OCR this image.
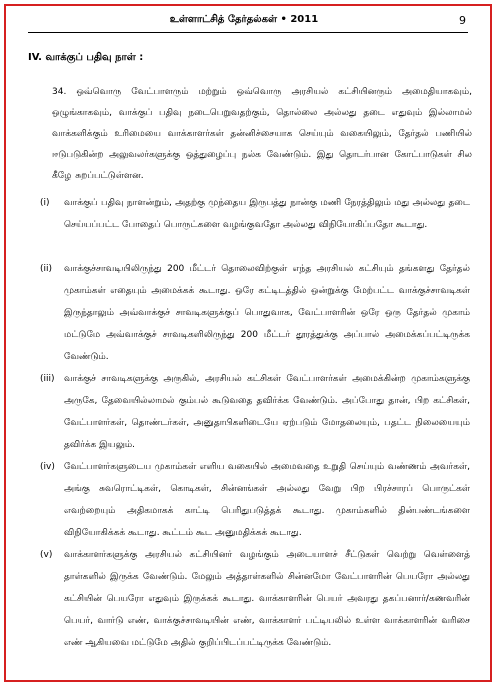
உள்ளாட்சித் தேர்தல்கள் • 2011	9
IV. வாக்குப் பதிவு நாள் :
34. ஒவ்வொரு வேட்பாளரும் மற்றும் ஒவ்வொரு அரசியல் கட்சியினரும் அமைதியாகவும், ஒழுங்காகவும், வாக்குப் பதிவு நடைபெறுவதற்கும், தொல்லை அல்லது தடை எதுவும் இல்லாமல் வாக்களிக்கும் உரிமையை வாக்காளர்கள் தன்னிச்சையாக செய்யும் வகையிலும், தேர்தல் பணியில் ஈடுபடுகின்ற அலுவலர்களுக்கு ஒத்துழைப்பு நல்க வேண்டும். இது தொடர்பான கோட்பாடுகள் சில கீழே சுறப்பட்டுள்ளன.
(i)	வாக்குப் பதிவு நாளன்றும், அதற்கு முந்தைய இருபத்து நான்கு மணி நேரத்திலும் மது அல்லது தடை செய்யப்பட்ட போதைப் பொருட்களை வழங்குவதோ அல்லது விநியோகிப்பதோ கூடாது.
(ii)	வாக்குச்சாவடியிலிருந்து 200 மீட்டர் தொலைவிற்குள் எந்த அரசியல் கட்சியும் தங்களது தேர்தல் முகாம்கள் எதையும் அமைக்கக் கூடாது. ஒரே கட்டிடத்தில் ஒன்றுக்கு மேற்பட்ட வாக்குச்சாவடிகள் இருந்தாலும் அவ்வாக்குச் சாவடிகளுக்குப் பொதுவாக, வேட்பாளரின் ஒரே ஒரு தேர்தல் முகாம் மட்டுமே அவ்வாக்குச் சாவடிகளிலிருந்து 200 மீட்டர் தூரத்துக்கு அப்பால் அமைக்கப்பட்டிருக்க வேண்டும்.
(iii)	வாக்குச் சாவடிகளுக்கு அருகில், அரசியல் கட்சிகள் வேட்பாளர்கள் அமைக்கின்ற முகாம்களுக்கு அருகே, தேவையில்லாமல் கும்பல் கூடுவதை தவிர்க்க வேண்டும். அப்போது தான், பிற கட்சிகள், வேட்பாளர்கள், தொண்டர்கள், அனுதாபிகளிடையே ஏற்படும் மோதலையும், பதட்ட நிலையையும் தவிர்க்க இயலும்.
(iv)	வேட்பாளர்களுடைய முகாம்கள் எளிய வகையில் அமைவதை உறுதி செய்யும் வண்ணம் அவர்கள், அங்கு சுவரொட்டிகள், கொடிகள், சின்னங்கள் அல்லது வேறு பிற பிரச்சாரப் பொருட்கள் எவற்றையும் அதிகமாகக் காட்டி பெரிதுபடுத்தக் கூடாது. முகாம்களில் தின்பண்டங்களை விநியோகிக்கக் கூடாது. கூட்டம் கூட அனுமதிக்கக் கூடாது.
(v)	வாக்காளர்களுக்கு அரசியல் கட்சியினர் வழங்கும் அடையாளச் சீட்டுகள் வெற்று வெள்ளைத் தாள்களில் இருக்க வேண்டும். மேலும் அத்தாள்களில் சின்னமோ வேட்பாளரின் பெயரோ அல்லது கட்சியின் பெயரோ எதுவும் இருக்கக் கூடாது. வாக்காளரின் பெயர் அவரது தகப்பனார்/கணவரின் பெயர், வார்டு எண், வாக்குச்சாவடியின் எண், வாக்காளர் பட்டியலில் உள்ள வாக்காளரின் வரிசை எண் ஆகியவை மட்டுமே அதில் குறிப்பிடப்பட்டிருக்க வேண்டும்.
